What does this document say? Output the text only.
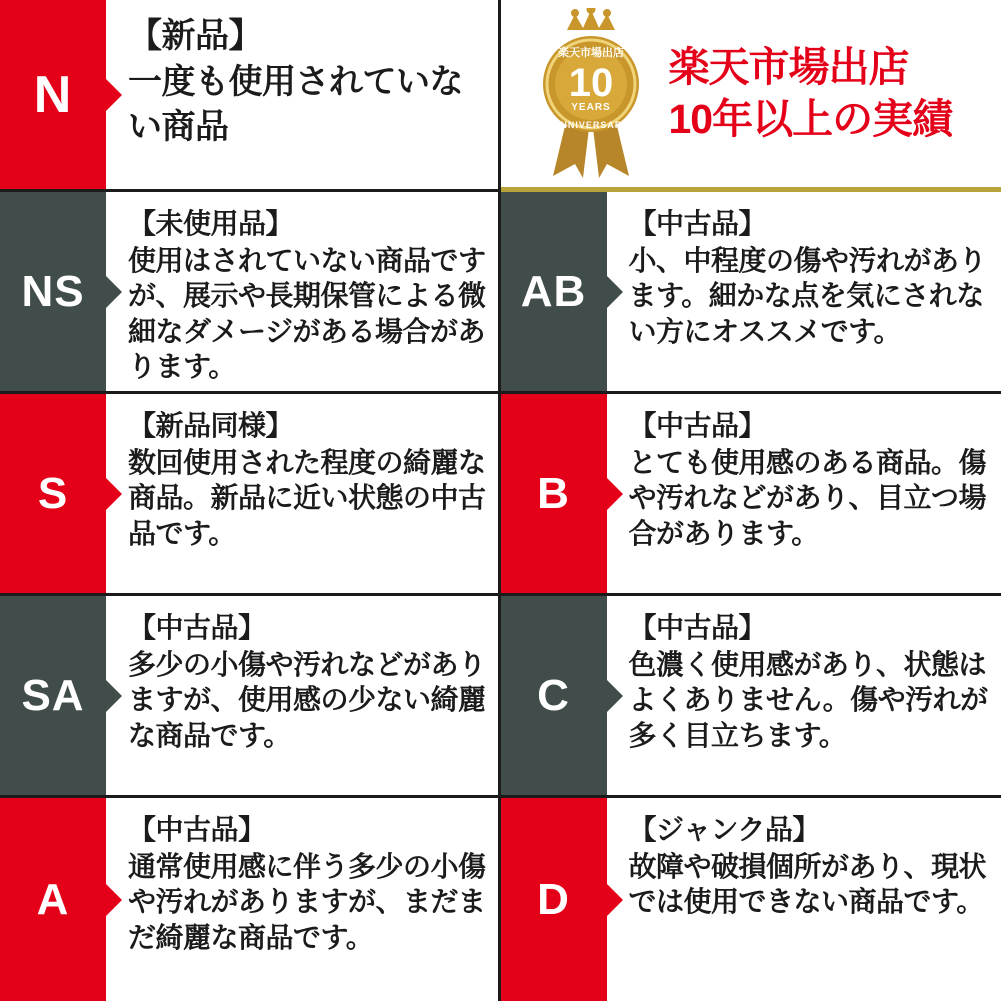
N
【新品】
一度も使用されていない商品
楽天市場出店
10
YEARS
ANNIVERSARY
楽天市場出店
10年以上の実績
NS
【未使用品】
使用はされていない商品ですが、展示や長期保管による微細なダメージがある場合があります。
AB
【中古品】
小、中程度の傷や汚れがあります。細かな点を気にされない方にオススメです。
S
【新品同様】
数回使用された程度の綺麗な商品。新品に近い状態の中古品です。
B
【中古品】
とても使用感のある商品。傷や汚れなどがあり、目立つ場合があります。
SA
【中古品】
多少の小傷や汚れなどがありますが、使用感の少ない綺麗な商品です。
C
【中古品】
色濃く使用感があり、状態はよくありません。傷や汚れが多く目立ちます。
A
【中古品】
通常使用感に伴う多少の小傷や汚れがありますが、まだまだ綺麗な商品です。
D
【ジャンク品】
故障や破損個所があり、現状では使用できない商品です。
